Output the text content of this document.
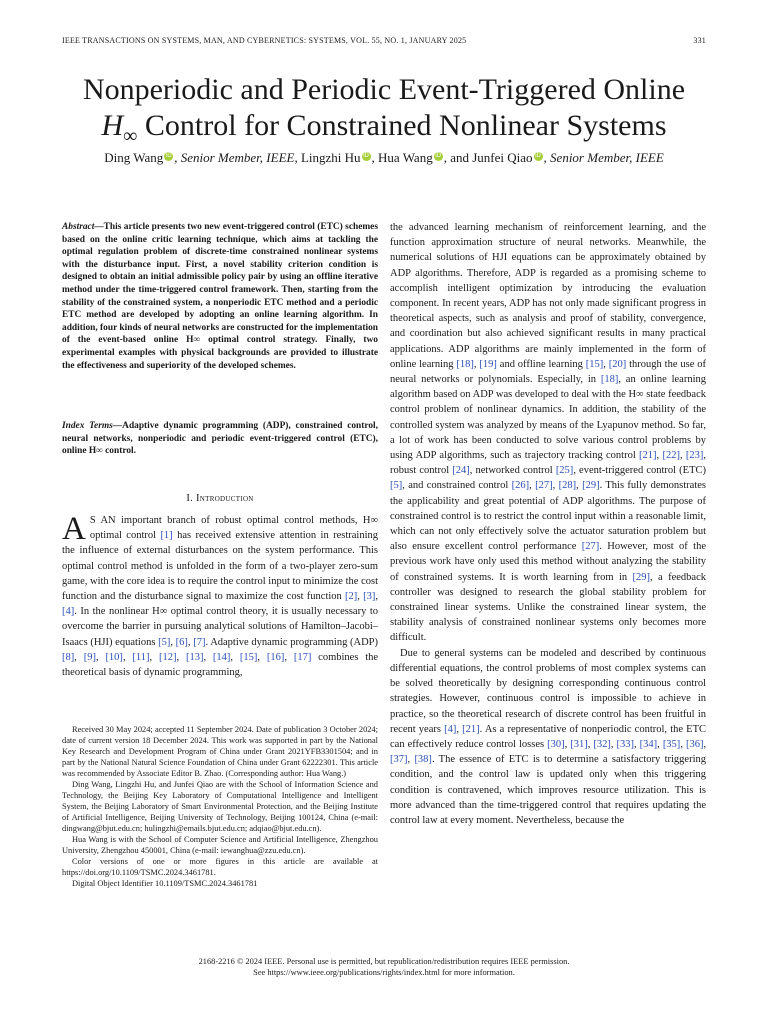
IEEE TRANSACTIONS ON SYSTEMS, MAN, AND CYBERNETICS: SYSTEMS, VOL. 55, NO. 1, JANUARY 2025	331
Nonperiodic and Periodic Event-Triggered Online
$H_\infty$ Control for Constrained Nonlinear Systems
Ding Wang iD , Senior Member, IEEE, Lingzhi Hu iD , Hua Wang iD , and Junfei Qiao iD , Senior Member, IEEE
Abstract—This article presents two new event-triggered control (ETC) schemes based on the online critic learning technique, which aims at tackling the optimal regulation problem of discrete-time constrained nonlinear systems with the disturbance input. First, a novel stability criterion condition is designed to obtain an initial admissible policy pair by using an offline iterative method under the time-triggered control framework. Then, starting from the stability of the constrained system, a nonperiodic ETC method and a periodic ETC method are developed by adopting an online learning algorithm. In addition, four kinds of neural networks are constructed for the implementation of the event-based online H∞ optimal control strategy. Finally, two experimental examples with physical backgrounds are provided to illustrate the effectiveness and superiority of the developed schemes.
Index Terms—Adaptive dynamic programming (ADP), constrained control, neural networks, nonperiodic and periodic event-triggered control (ETC), online H∞ control.
I. Introduction
A S AN important branch of robust optimal control methods, H∞ optimal control [1] has received extensive attention in restraining the influence of external disturbances on the system performance. This optimal control method is unfolded in the form of a two-player zero-sum game, with the core idea is to require the control input to minimize the cost function and the disturbance signal to maximize the cost function [2], [3], [4]. In the nonlinear H∞ optimal control theory, it is usually necessary to overcome the barrier in pursuing analytical solutions of Hamilton–Jacobi–Isaacs (HJI) equations [5], [6], [7]. Adaptive dynamic programming (ADP) [8], [9], [10], [11], [12], [13], [14], [15], [16], [17] combines the theoretical basis of dynamic programming,

Received 30 May 2024; accepted 11 September 2024. Date of publication 3 October 2024; date of current version 18 December 2024. This work was supported in part by the National Key Research and Development Program of China under Grant 2021YFB3301504; and in part by the National Natural Science Foundation of China under Grant 62222301. This article was recommended by Associate Editor B. Zhao. (Corresponding author: Hua Wang.)

Ding Wang, Lingzhi Hu, and Junfei Qiao are with the School of Information Science and Technology, the Beijing Key Laboratory of Computational Intelligence and Intelligent System, the Beijing Laboratory of Smart Environmental Protection, and the Beijing Institute of Artificial Intelligence, Beijing University of Technology, Beijing 100124, China (e-mail: dingwang@bjut.edu.cn; hulingzhi@emails.bjut.edu.cn; adqiao@bjut.edu.cn).

Hua Wang is with the School of Computer Science and Artificial Intelligence, Zhengzhou University, Zhengzhou 450001, China (e-mail: iewanghua@zzu.edu.cn).

Color versions of one or more figures in this article are available at https://doi.org/10.1109/TSMC.2024.3461781.

Digital Object Identifier 10.1109/TSMC.2024.3461781

the advanced learning mechanism of reinforcement learning, and the function approximation structure of neural networks. Meanwhile, the numerical solutions of HJI equations can be approximately obtained by ADP algorithms. Therefore, ADP is regarded as a promising scheme to accomplish intelligent optimization by introducing the evaluation component. In recent years, ADP has not only made significant progress in theoretical aspects, such as analysis and proof of stability, convergence, and coordination but also achieved significant results in many practical applications. ADP algorithms are mainly implemented in the form of online learning [18], [19] and offline learning [15], [20] through the use of neural networks or polynomials. Especially, in [18], an online learning algorithm based on ADP was developed to deal with the H∞ state feedback control problem of nonlinear dynamics. In addition, the stability of the controlled system was analyzed by means of the Lyapunov method. So far, a lot of work has been conducted to solve various control problems by using ADP algorithms, such as trajectory tracking control [21], [22], [23], robust control [24], networked control [25], event-triggered control (ETC) [5], and constrained control [26], [27], [28], [29]. This fully demonstrates the applicability and great potential of ADP algorithms. The purpose of constrained control is to restrict the control input within a reasonable limit, which can not only effectively solve the actuator saturation problem but also ensure excellent control performance [27]. However, most of the previous work have only used this method without analyzing the stability of constrained systems. It is worth learning from in [29], a feedback controller was designed to research the global stability problem for constrained linear systems. Unlike the constrained linear system, the stability analysis of constrained nonlinear systems only becomes more difficult.

Due to general systems can be modeled and described by continuous differential equations, the control problems of most complex systems can be solved theoretically by designing corresponding continuous control strategies. However, continuous control is impossible to achieve in practice, so the theoretical research of discrete control has been fruitful in recent years [4], [21]. As a representative of nonperiodic control, the ETC can effectively reduce control losses [30], [31], [32], [33], [34], [35], [36], [37], [38]. The essence of ETC is to determine a satisfactory triggering condition, and the control law is updated only when this triggering condition is contravened, which improves resource utilization. This is more advanced than the time-triggered control that requires updating the control law at every moment. Nevertheless, because the

2168-2216 © 2024 IEEE. Personal use is permitted, but republication/redistribution requires IEEE permission.
See https://www.ieee.org/publications/rights/index.html for more information.
